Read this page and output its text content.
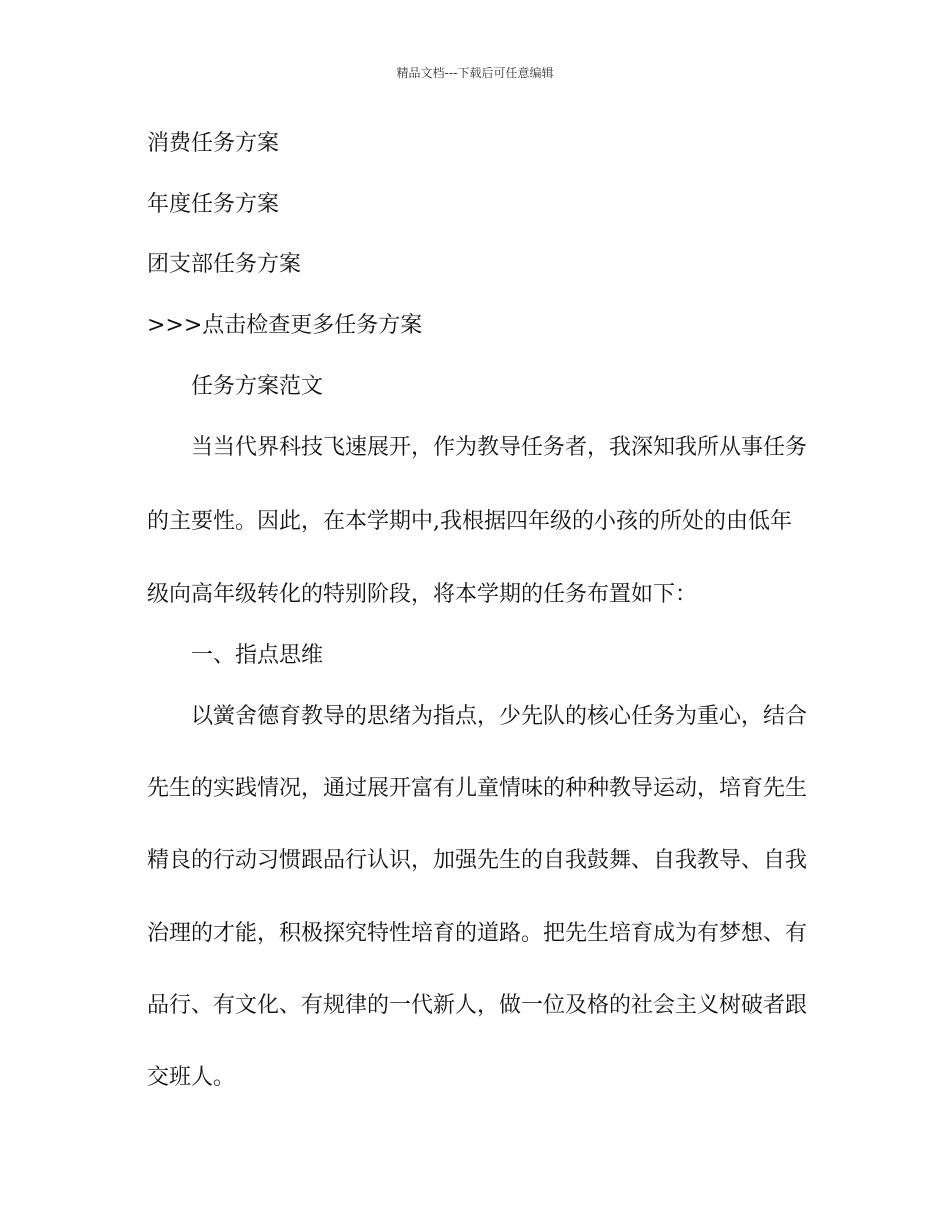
精品文档---下载后可任意编辑
消费任务方案
年度任务方案
团支部任务方案
>>>点击检查更多任务方案
任务方案范文
当当代界科技飞速展开，作为教导任务者，我深知我所从事任务
的主要性。因此，在本学期中,我根据四年级的小孩的所处的由低年
级向高年级转化的特别阶段，将本学期的任务布置如下：
一、指点思维
以黉舍德育教导的思绪为指点，少先队的核心任务为重心，结合
先生的实践情况，通过展开富有儿童情味的种种教导运动，培育先生
精良的行动习惯跟品行认识，加强先生的自我鼓舞、自我教导、自我
治理的才能，积极探究特性培育的道路。把先生培育成为有梦想、有
品行、有文化、有规律的一代新人，做一位及格的社会主义树破者跟
交班人。
